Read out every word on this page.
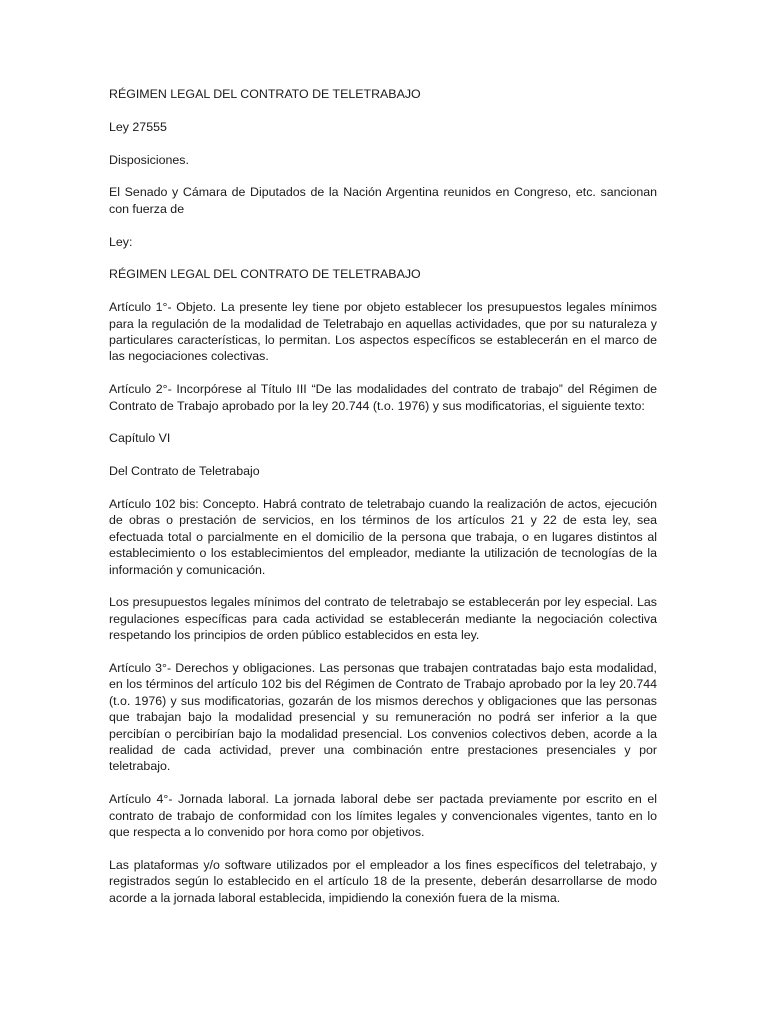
RÉGIMEN LEGAL DEL CONTRATO DE TELETRABAJO

Ley 27555

Disposiciones.

El Senado y Cámara de Diputados de la Nación Argentina reunidos en Congreso, etc. sancionan con fuerza de

Ley:

RÉGIMEN LEGAL DEL CONTRATO DE TELETRABAJO

Artículo 1°- Objeto. La presente ley tiene por objeto establecer los presupuestos legales mínimos para la regulación de la modalidad de Teletrabajo en aquellas actividades, que por su naturaleza y particulares características, lo permitan. Los aspectos específicos se establecerán en el marco de las negociaciones colectivas.

Artículo 2°- Incorpórese al Título III “De las modalidades del contrato de trabajo” del Régimen de Contrato de Trabajo aprobado por la ley 20.744 (t.o. 1976) y sus modificatorias, el siguiente texto:

Capítulo VI

Del Contrato de Teletrabajo

Artículo 102 bis: Concepto. Habrá contrato de teletrabajo cuando la realización de actos, ejecución de obras o prestación de servicios, en los términos de los artículos 21 y 22 de esta ley, sea efectuada total o parcialmente en el domicilio de la persona que trabaja, o en lugares distintos al establecimiento o los establecimientos del empleador, mediante la utilización de tecnologías de la información y comunicación.

Los presupuestos legales mínimos del contrato de teletrabajo se establecerán por ley especial. Las regulaciones específicas para cada actividad se establecerán mediante la negociación colectiva respetando los principios de orden público establecidos en esta ley.

Artículo 3°- Derechos y obligaciones. Las personas que trabajen contratadas bajo esta modalidad, en los términos del artículo 102 bis del Régimen de Contrato de Trabajo aprobado por la ley 20.744 (t.o. 1976) y sus modificatorias, gozarán de los mismos derechos y obligaciones que las personas que trabajan bajo la modalidad presencial y su remuneración no podrá ser inferior a la que percibían o percibirían bajo la modalidad presencial. Los convenios colectivos deben, acorde a la realidad de cada actividad, prever una combinación entre prestaciones presenciales y por teletrabajo.

Artículo 4°- Jornada laboral. La jornada laboral debe ser pactada previamente por escrito en el contrato de trabajo de conformidad con los límites legales y convencionales vigentes, tanto en lo que respecta a lo convenido por hora como por objetivos.

Las plataformas y/o software utilizados por el empleador a los fines específicos del teletrabajo, y registrados según lo establecido en el artículo 18 de la presente, deberán desarrollarse de modo acorde a la jornada laboral establecida, impidiendo la conexión fuera de la misma.
